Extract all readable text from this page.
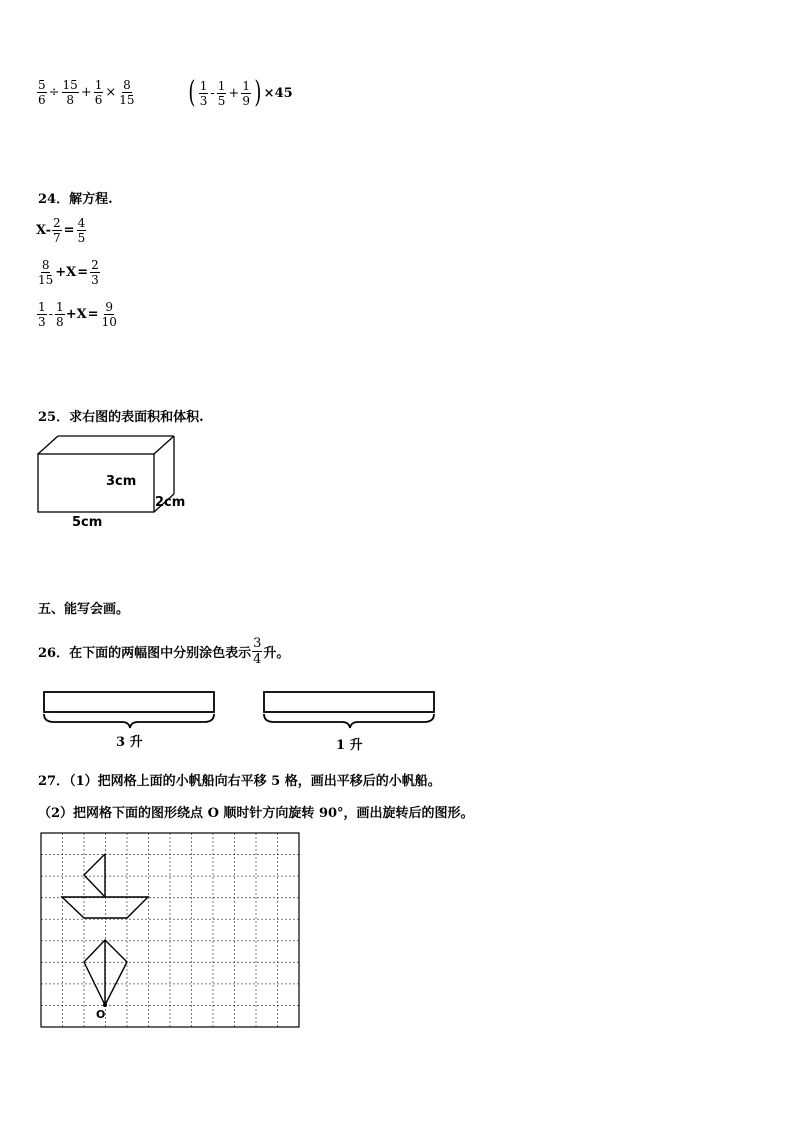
$\frac{5}{6} \div \frac{15}{8} + \frac{1}{6} \times \frac{8}{15}$ ( $\frac{1}{3} - \frac{1}{5} + \frac{1}{9}$ ) ×45
24．解方程.
$X- \frac{2}{7} = \frac{4}{5}$
$\frac{8}{15} +X = \frac{2}{3}$
$\frac{1}{3} - \frac{1}{8} +X = \frac{9}{10}$
25．求右图的表面积和体积.
3cm
2cm
5cm
五、能写会画。
26．在下面的两幅图中分别涂色表示 $\frac{3}{4}$ 升。
3 升	1 升
27．（1）把网格上面的小帆船向右平移 5 格，画出平移后的小帆船。
（2）把网格下面的图形绕点 O 顺时针方向旋转 90°，画出旋转后的图形。
O
